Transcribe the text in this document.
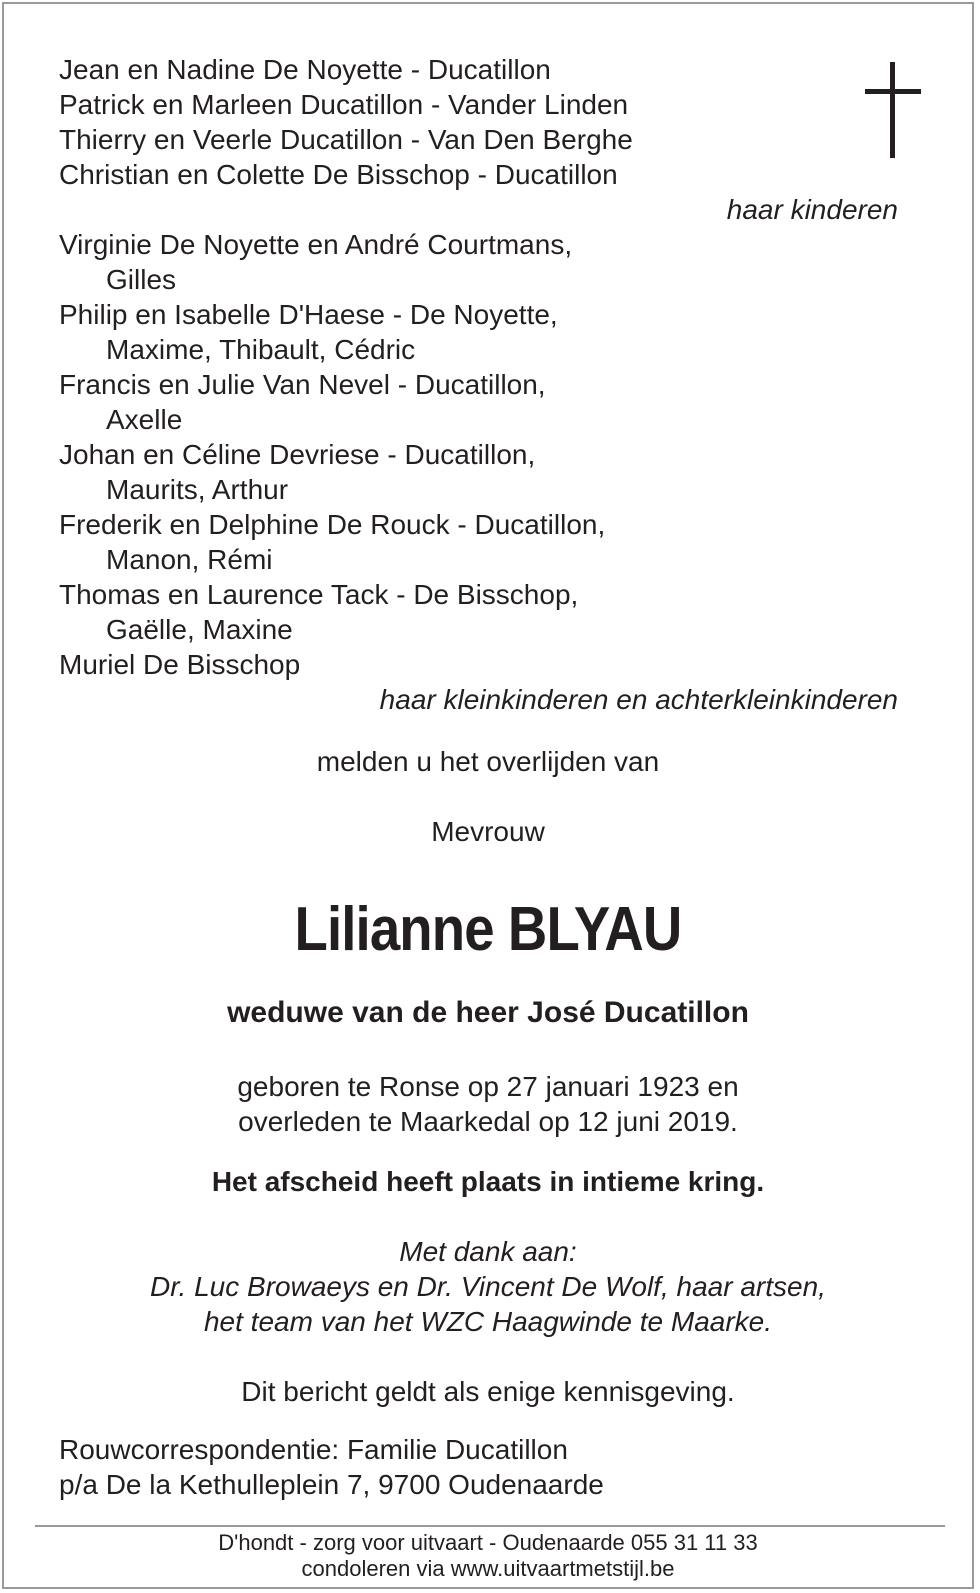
Jean en Nadine De Noyette - Ducatillon
Patrick en Marleen Ducatillon - Vander Linden
Thierry en Veerle Ducatillon - Van Den Berghe
Christian en Colette De Bisschop - Ducatillon
haar kinderen
Virginie De Noyette en André Courtmans,
Gilles
Philip en Isabelle D'Haese - De Noyette,
Maxime, Thibault, Cédric
Francis en Julie Van Nevel - Ducatillon,
Axelle
Johan en Céline Devriese - Ducatillon,
Maurits, Arthur
Frederik en Delphine De Rouck - Ducatillon,
Manon, Rémi
Thomas en Laurence Tack - De Bisschop,
Gaëlle, Maxine
Muriel De Bisschop
haar kleinkinderen en achterkleinkinderen
melden u het overlijden van
Mevrouw
Lilianne BLYAU
weduwe van de heer José Ducatillon
geboren te Ronse op 27 januari 1923 en
overleden te Maarkedal op 12 juni 2019.
Het afscheid heeft plaats in intieme kring.
Met dank aan:
Dr. Luc Browaeys en Dr. Vincent De Wolf, haar artsen,
het team van het WZC Haagwinde te Maarke.
Dit bericht geldt als enige kennisgeving.
Rouwcorrespondentie: Familie Ducatillon
p/a De la Kethulleplein 7, 9700 Oudenaarde
D'hondt - zorg voor uitvaart - Oudenaarde 055 31 11 33
condoleren via www.uitvaartmetstijl.be
